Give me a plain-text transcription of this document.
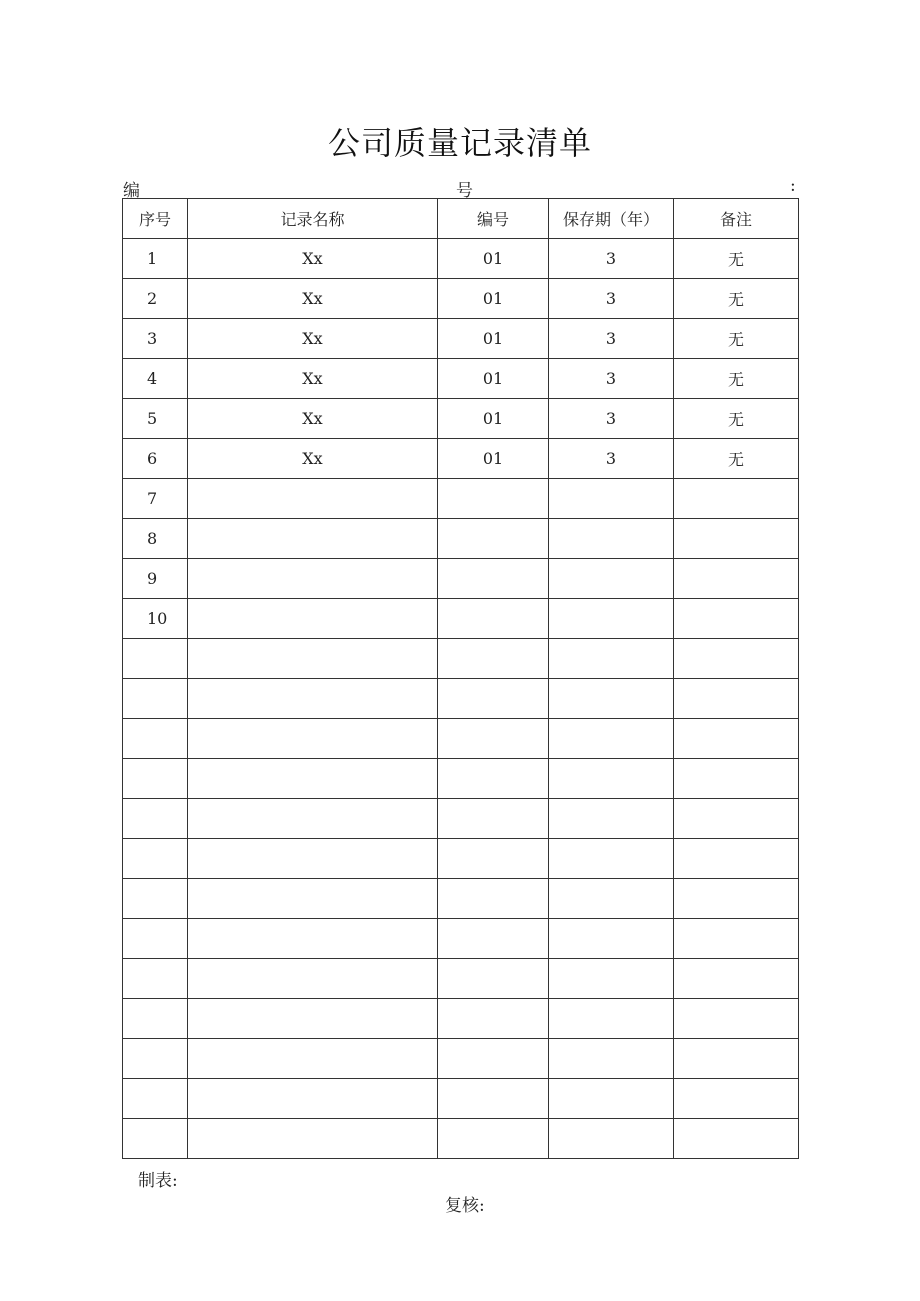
公司质量记录清单
编	号	:
序号	记录名称	编号	保存期（年）	备注
1	Xx	01	3	无
2	Xx	01	3	无
3	Xx	01	3	无
4	Xx	01	3	无
5	Xx	01	3	无
6	Xx	01	3	无
7				
8				
9				
10				

制表:
复核:
